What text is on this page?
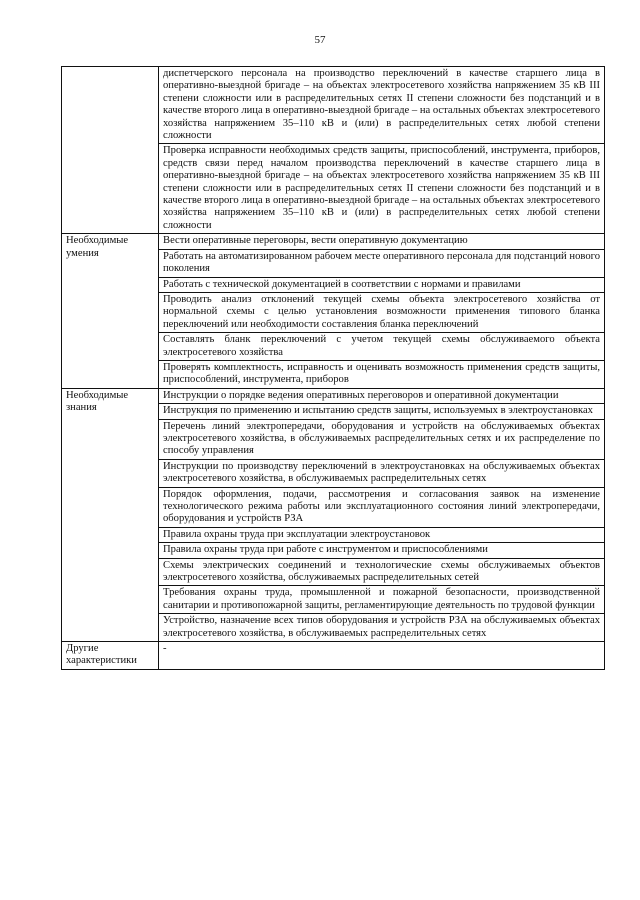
57
	диспетчерского персонала на производство переключений в качестве старшего лица в оперативно-выездной бригаде – на объектах электросетевого хозяйства напряжением 35 кВ III степени сложности или в распределительных сетях II степени сложности без подстанций и в качестве второго лица в оперативно-выездной бригаде – на остальных объектах электросетевого хозяйства напряжением 35–110 кВ и (или) в распределительных сетях любой степени сложности
	Проверка исправности необходимых средств защиты, приспособлений, инструмента, приборов, средств связи перед началом производства переключений в качестве старшего лица в оперативно-выездной бригаде – на объектах электросетевого хозяйства напряжением 35 кВ III степени сложности или в распределительных сетях II степени сложности без подстанций и в качестве второго лица в оперативно-выездной бригаде – на остальных объектах электросетевого хозяйства напряжением 35–110 кВ и (или) в распределительных сетях любой степени сложности
Необходимые умения	Вести оперативные переговоры, вести оперативную документацию
	Работать на автоматизированном рабочем месте оперативного персонала для подстанций нового поколения
	Работать с технической документацией в соответствии с нормами и правилами
	Проводить анализ отклонений текущей схемы объекта электросетевого хозяйства от нормальной схемы с целью установления возможности применения типового бланка переключений или необходимости составления бланка переключений
	Составлять бланк переключений с учетом текущей схемы обслуживаемого объекта электросетевого хозяйства
	Проверять комплектность, исправность и оценивать возможность применения средств защиты, приспособлений, инструмента, приборов
Необходимые знания	Инструкции о порядке ведения оперативных переговоров и оперативной документации
	Инструкция по применению и испытанию средств защиты, используемых в электроустановках
	Перечень линий электропередачи, оборудования и устройств на обслуживаемых объектах электросетевого хозяйства, в обслуживаемых распределительных сетях и их распределение по способу управления
	Инструкции по производству переключений в электроустановках на обслуживаемых объектах электросетевого хозяйства, в обслуживаемых распределительных сетях
	Порядок оформления, подачи, рассмотрения и согласования заявок на изменение технологического режима работы или эксплуатационного состояния линий электропередачи, оборудования и устройств РЗА
	Правила охраны труда при эксплуатации электроустановок
	Правила охраны труда при работе с инструментом и приспособлениями
	Схемы электрических соединений и технологические схемы обслуживаемых объектов электросетевого хозяйства, обслуживаемых распределительных сетей
	Требования охраны труда, промышленной и пожарной безопасности, производственной санитарии и противопожарной защиты, регламентирующие деятельность по трудовой функции
	Устройство, назначение всех типов оборудования и устройств РЗА на обслуживаемых объектах электросетевого хозяйства, в обслуживаемых распределительных сетях
Другие характеристики	-
